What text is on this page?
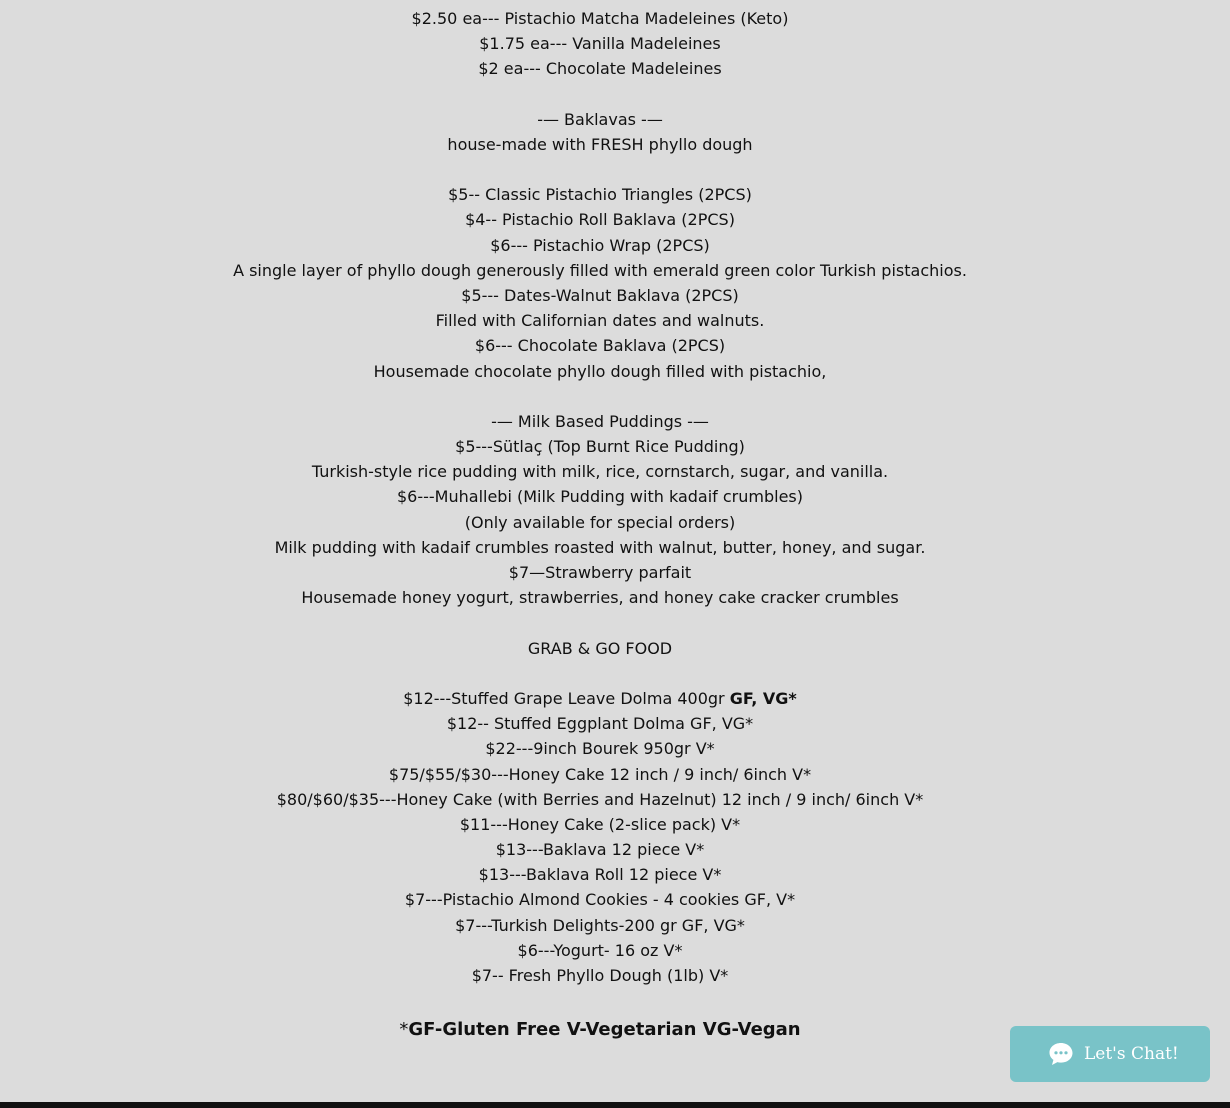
$2.50 ea--- Pistachio Matcha Madeleines (Keto)
$1.75 ea--- Vanilla Madeleines
$2 ea--- Chocolate Madeleines
-— Baklavas -—
house-made with FRESH phyllo dough
$5-- Classic Pistachio Triangles (2PCS)
$4-- Pistachio Roll Baklava (2PCS)
$6--- Pistachio Wrap (2PCS)
A single layer of phyllo dough generously filled with emerald green color Turkish pistachios.
$5--- Dates-Walnut Baklava (2PCS)
Filled with Californian dates and walnuts.
$6--- Chocolate Baklava (2PCS)
Housemade chocolate phyllo dough filled with pistachio,
-— Milk Based Puddings -—
$5---Sütlaç (Top Burnt Rice Pudding)
Turkish-style rice pudding with milk, rice, cornstarch, sugar, and vanilla.
$6---Muhallebi (Milk Pudding with kadaif crumbles)
(Only available for special orders)
Milk pudding with kadaif crumbles roasted with walnut, butter, honey, and sugar.
$7—Strawberry parfait
Housemade honey yogurt, strawberries, and honey cake cracker crumbles
GRAB & GO FOOD
$12---Stuffed Grape Leave Dolma 400gr GF, VG*
$12-- Stuffed Eggplant Dolma GF, VG*
$22---9inch Bourek 950gr V*
$75/$55/$30---Honey Cake 12 inch / 9 inch/ 6inch V*
$80/$60/$35---Honey Cake (with Berries and Hazelnut) 12 inch / 9 inch/ 6inch V*
$11---Honey Cake (2-slice pack) V*
$13---Baklava 12 piece V*
$13---Baklava Roll 12 piece V*
$7---Pistachio Almond Cookies - 4 cookies GF, V*
$7---Turkish Delights-200 gr GF, VG*
$6---Yogurt- 16 oz V*
$7-- Fresh Phyllo Dough (1lb) V*
*GF-Gluten Free V-Vegetarian VG-Vegan
Let's Chat!
